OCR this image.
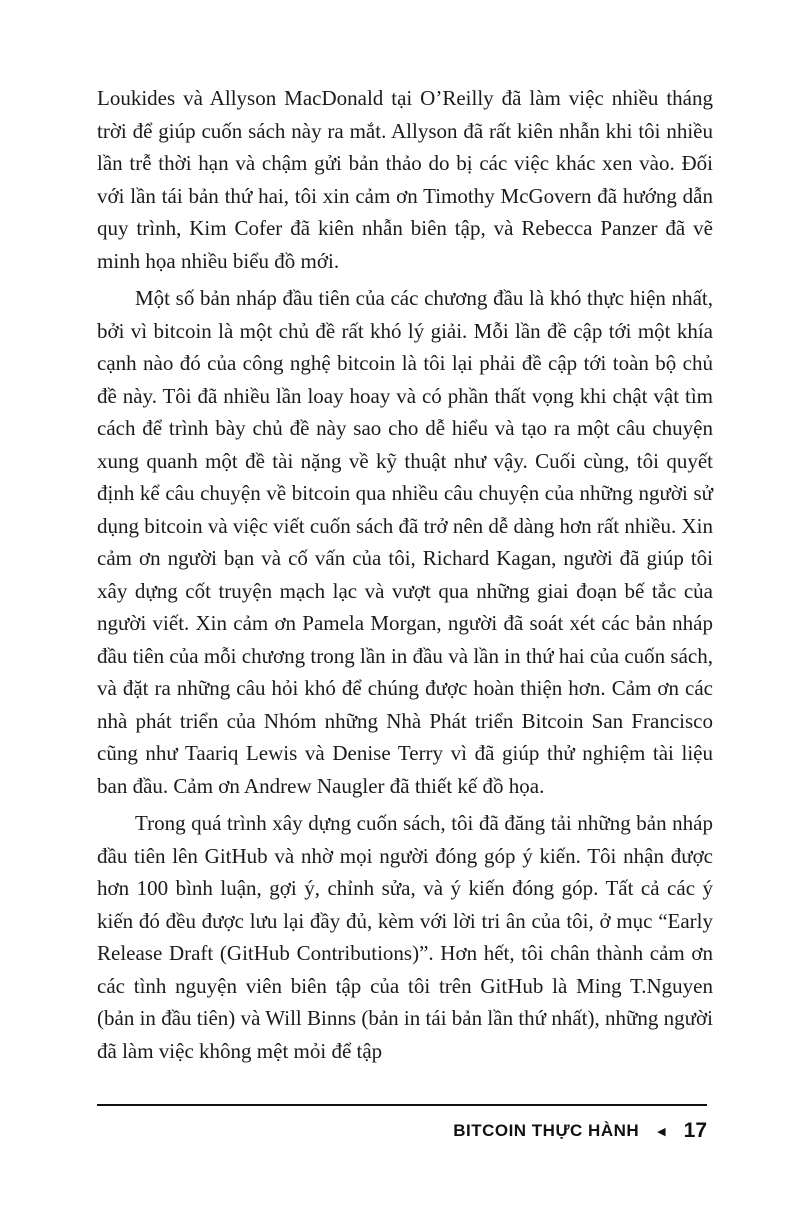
Loukides và Allyson MacDonald tại O’Reilly đã làm việc nhiều tháng trời để giúp cuốn sách này ra mắt. Allyson đã rất kiên nhẫn khi tôi nhiều lần trễ thời hạn và chậm gửi bản thảo do bị các việc khác xen vào. Đối với lần tái bản thứ hai, tôi xin cảm ơn Timothy McGovern đã hướng dẫn quy trình, Kim Cofer đã kiên nhẫn biên tập, và Rebecca Panzer đã vẽ minh họa nhiều biểu đồ mới.

Một số bản nháp đầu tiên của các chương đầu là khó thực hiện nhất, bởi vì bitcoin là một chủ đề rất khó lý giải. Mỗi lần đề cập tới một khía cạnh nào đó của công nghệ bitcoin là tôi lại phải đề cập tới toàn bộ chủ đề này. Tôi đã nhiều lần loay hoay và có phần thất vọng khi chật vật tìm cách để trình bày chủ đề này sao cho dễ hiểu và tạo ra một câu chuyện xung quanh một đề tài nặng về kỹ thuật như vậy. Cuối cùng, tôi quyết định kể câu chuyện về bitcoin qua nhiều câu chuyện của những người sử dụng bitcoin và việc viết cuốn sách đã trở nên dễ dàng hơn rất nhiều. Xin cảm ơn người bạn và cố vấn của tôi, Richard Kagan, người đã giúp tôi xây dựng cốt truyện mạch lạc và vượt qua những giai đoạn bế tắc của người viết. Xin cảm ơn Pamela Morgan, người đã soát xét các bản nháp đầu tiên của mỗi chương trong lần in đầu và lần in thứ hai của cuốn sách, và đặt ra những câu hỏi khó để chúng được hoàn thiện hơn. Cảm ơn các nhà phát triển của Nhóm những Nhà Phát triển Bitcoin San Francisco cũng như Taariq Lewis và Denise Terry vì đã giúp thử nghiệm tài liệu ban đầu. Cảm ơn Andrew Naugler đã thiết kế đồ họa.

Trong quá trình xây dựng cuốn sách, tôi đã đăng tải những bản nháp đầu tiên lên GitHub và nhờ mọi người đóng góp ý kiến. Tôi nhận được hơn 100 bình luận, gợi ý, chỉnh sửa, và ý kiến đóng góp. Tất cả các ý kiến đó đều được lưu lại đầy đủ, kèm với lời tri ân của tôi, ở mục “Early Release Draft (GitHub Contributions)”. Hơn hết, tôi chân thành cảm ơn các tình nguyện viên biên tập của tôi trên GitHub là Ming T.Nguyen (bản in đầu tiên) và Will Binns (bản in tái bản lần thứ nhất), những người đã làm việc không mệt mỏi để tập

BITCOIN THỰC HÀNH ◀ 17
